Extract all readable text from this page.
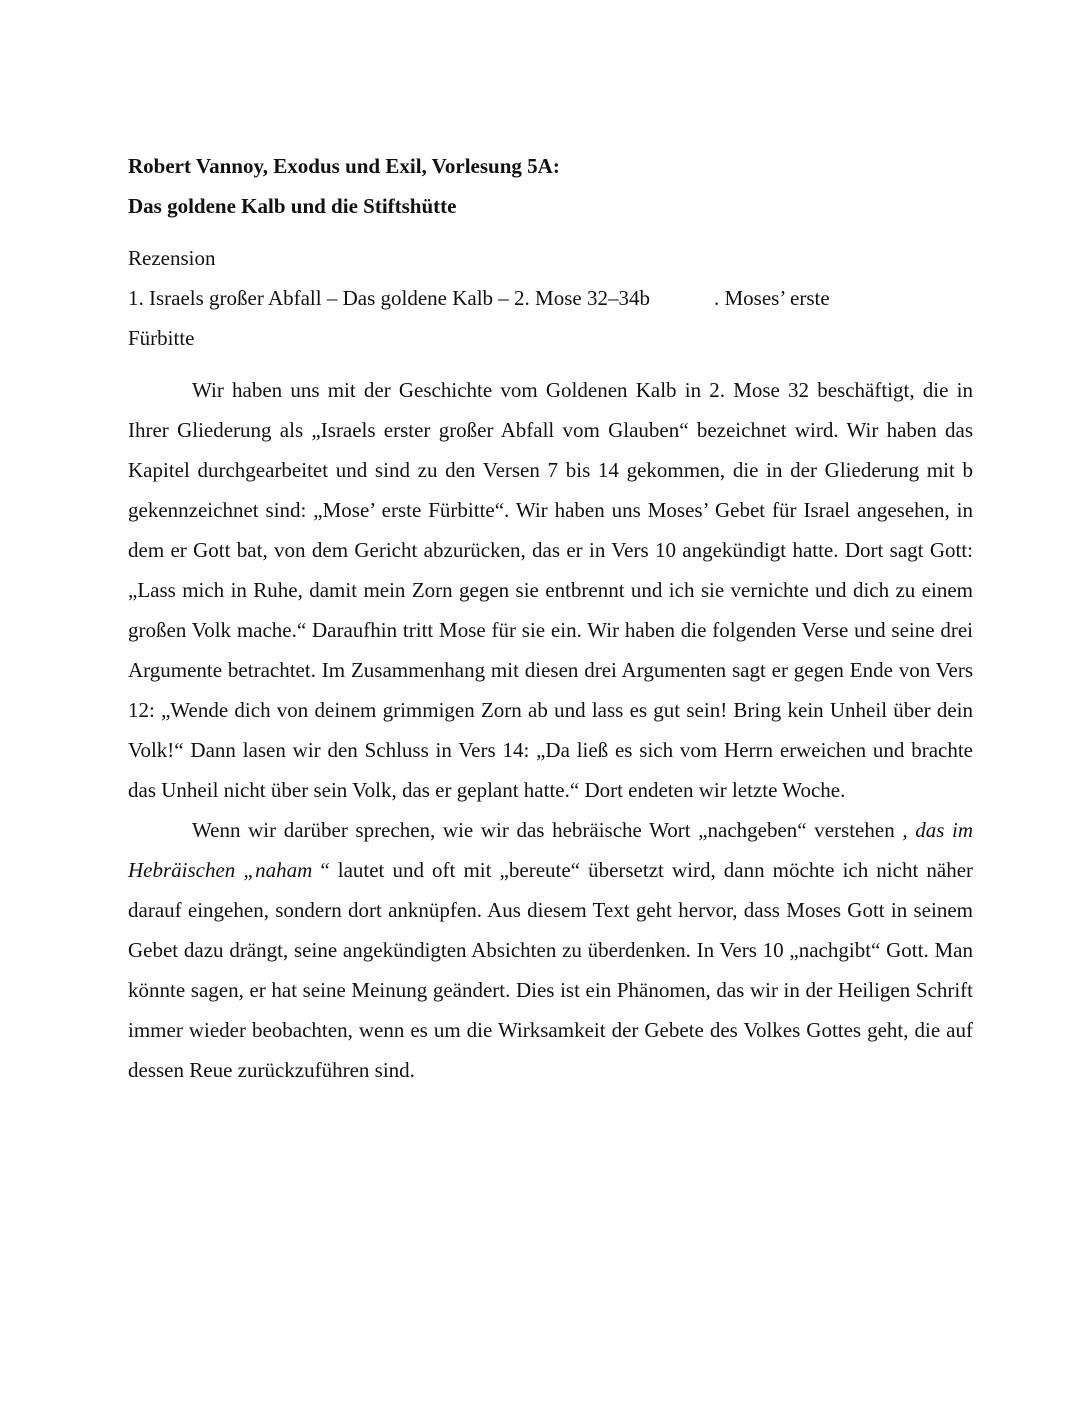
Robert Vannoy, Exodus und Exil, Vorlesung 5A:

Das goldene Kalb und die Stiftshütte

Rezension

1. Israels großer Abfall – Das goldene Kalb – 2. Mose 32–34b	. Moses’ erste

Fürbitte

Wir haben uns mit der Geschichte vom Goldenen Kalb in 2. Mose 32 beschäftigt, die in Ihrer Gliederung als „Israels erster großer Abfall vom Glauben“ bezeichnet wird. Wir haben das Kapitel durchgearbeitet und sind zu den Versen 7 bis 14 gekommen, die in der Gliederung mit b gekennzeichnet sind: „Mose’ erste Fürbitte“. Wir haben uns Moses’ Gebet für Israel angesehen, in dem er Gott bat, von dem Gericht abzurücken, das er in Vers 10 angekündigt hatte. Dort sagt Gott: „Lass mich in Ruhe, damit mein Zorn gegen sie entbrennt und ich sie vernichte und dich zu einem großen Volk mache.“ Daraufhin tritt Mose für sie ein. Wir haben die folgenden Verse und seine drei Argumente betrachtet. Im Zusammenhang mit diesen drei Argumenten sagt er gegen Ende von Vers 12: „Wende dich von deinem grimmigen Zorn ab und lass es gut sein! Bring kein Unheil über dein Volk!“ Dann lasen wir den Schluss in Vers 14: „Da ließ es sich vom Herrn erweichen und brachte das Unheil nicht über sein Volk, das er geplant hatte.“ Dort endeten wir letzte Woche.

Wenn wir darüber sprechen, wie wir das hebräische Wort „nachgeben“ verstehen , das im Hebräischen „naham “ lautet und oft mit „bereute“ übersetzt wird, dann möchte ich nicht näher darauf eingehen, sondern dort anknüpfen. Aus diesem Text geht hervor, dass Moses Gott in seinem Gebet dazu drängt, seine angekündigten Absichten zu überdenken. In Vers 10 „nachgibt“ Gott. Man könnte sagen, er hat seine Meinung geändert. Dies ist ein Phänomen, das wir in der Heiligen Schrift immer wieder beobachten, wenn es um die Wirksamkeit der Gebete des Volkes Gottes geht, die auf dessen Reue zurückzuführen sind.
